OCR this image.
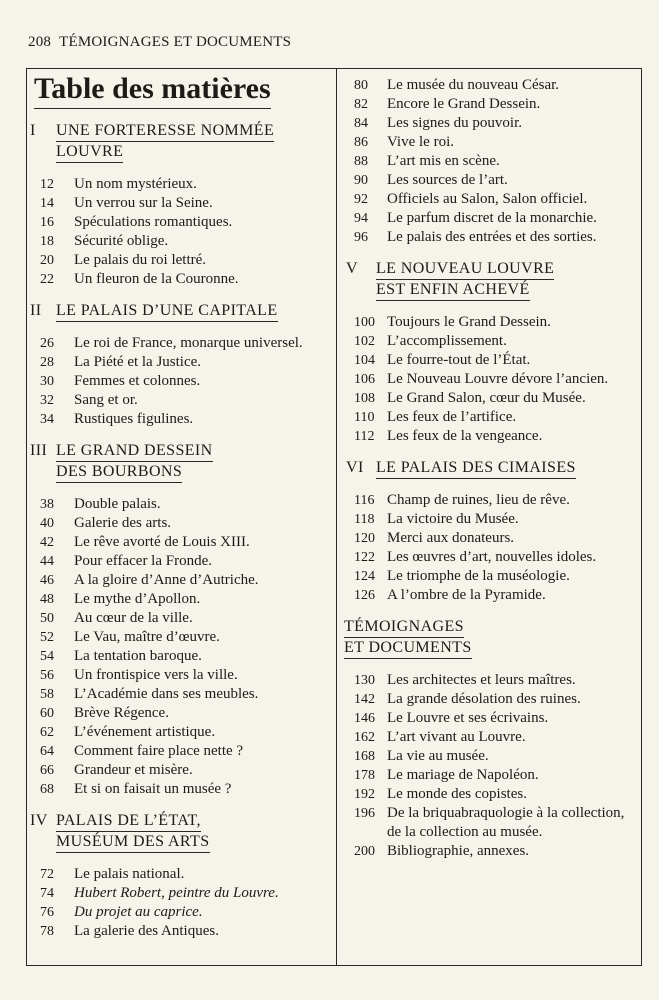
208 TÉMOIGNAGES ET DOCUMENTS
Table des matières
I	UNE FORTERESSE NOMMÉE
LOUVRE
12	Un nom mystérieux.
14	Un verrou sur la Seine.
16	Spéculations romantiques.
18	Sécurité oblige.
20	Le palais du roi lettré.
22	Un fleuron de la Couronne.
II LE PALAIS D’UNE CAPITALE
26	Le roi de France, monarque universel.
28	La Piété et la Justice.
30	Femmes et colonnes.
32	Sang et or.
34	Rustiques figulines.
III LE GRAND DESSEIN
DES BOURBONS
38	Double palais.
40	Galerie des arts.
42	Le rêve avorté de Louis XIII.
44	Pour effacer la Fronde.
46	A la gloire d’Anne d’Autriche.
48	Le mythe d’Apollon.
50	Au cœur de la ville.
52	Le Vau, maître d’œuvre.
54	La tentation baroque.
56	Un frontispice vers la ville.
58	L’Académie dans ses meubles.
60	Brève Régence.
62	L’événement artistique.
64	Comment faire place nette ?
66	Grandeur et misère.
68	Et si on faisait un musée ?
IV PALAIS DE L’ÉTAT,
MUSÉUM DES ARTS
72	Le palais national.
74	Hubert Robert, peintre du Louvre.
76	Du projet au caprice.
78	La galerie des Antiques.
80	Le musée du nouveau César.
82	Encore le Grand Dessein.
84	Les signes du pouvoir.
86	Vive le roi.
88	L’art mis en scène.
90	Les sources de l’art.
92	Officiels au Salon, Salon officiel.
94	Le parfum discret de la monarchie.
96	Le palais des entrées et des sorties.
V	LE NOUVEAU LOUVRE
EST ENFIN ACHEVÉ
100 Toujours le Grand Dessein.
102 L’accomplissement.
104 Le fourre-tout de l’État.
106 Le Nouveau Louvre dévore l’ancien.
108 Le Grand Salon, cœur du Musée.
110 Les feux de l’artifice.
112 Les feux de la vengeance.
VI LE PALAIS DES CIMAISES
116 Champ de ruines, lieu de rêve.
118 La victoire du Musée.
120 Merci aux donateurs.
122 Les œuvres d’art, nouvelles idoles.
124 Le triomphe de la muséologie.
126 A l’ombre de la Pyramide.
TÉMOIGNAGES
ET DOCUMENTS
130 Les architectes et leurs maîtres.
142 La grande désolation des ruines.
146 Le Louvre et ses écrivains.
162 L’art vivant au Louvre.
168 La vie au musée.
178 Le mariage de Napoléon.
192 Le monde des copistes.
196 De la briquabraquologie à la collection, de la collection au musée.
200 Bibliographie, annexes.
